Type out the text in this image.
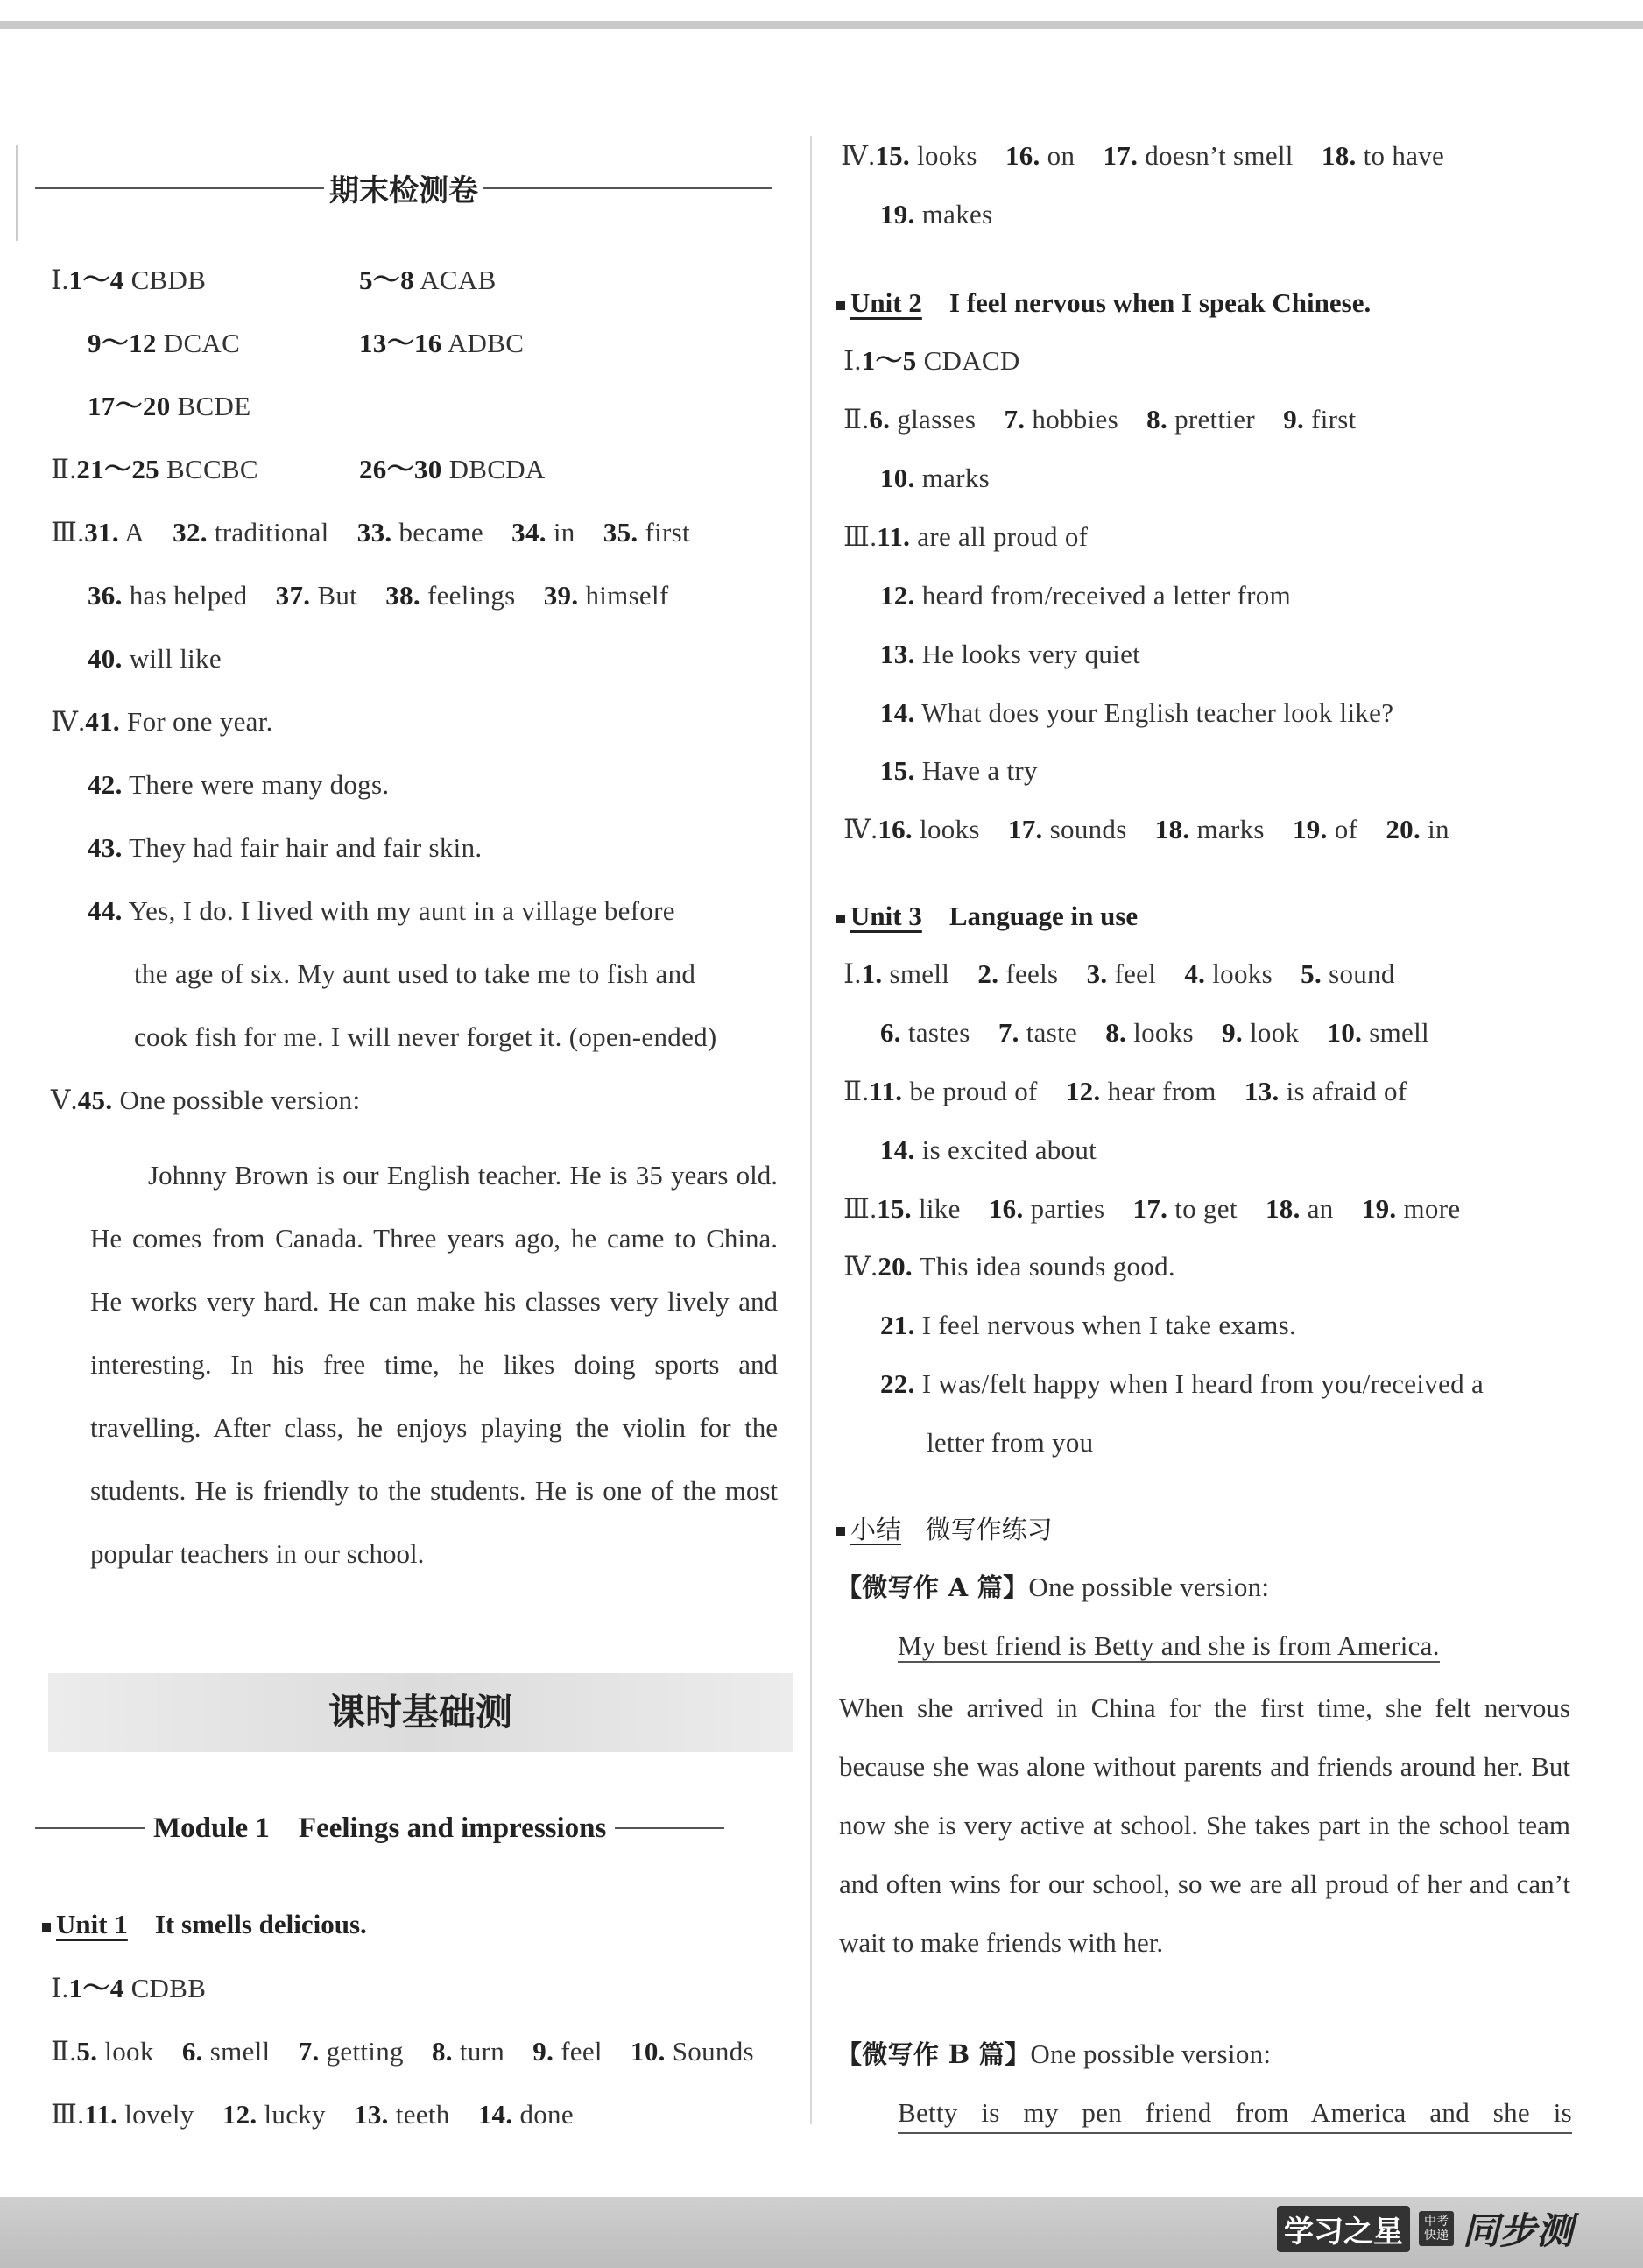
期末检测卷
Ⅰ.1～4 CBDB	5～8 ACAB
9～12 DCAC	13～16 ADBC
17～20 BCDE
Ⅱ.21～25 BCCBC	26～30 DBCDA
Ⅲ.31. A 32. traditional 33. became 34. in 35. first
36. has helped 37. But 38. feelings 39. himself
40. will like
Ⅳ.41. For one year.
42. There were many dogs.
43. They had fair hair and fair skin.
44. Yes, I do. I lived with my aunt in a village before
the age of six. My aunt used to take me to fish and
cook fish for me. I will never forget it. (open-ended)
Ⅴ.45. One possible version:
Johnny Brown is our English teacher. He is 35 years old. He comes from Canada. Three years ago, he came to China. He works very hard. He can make his classes very lively and interesting. In his free time, he likes doing sports and travelling. After class, he enjoys playing the violin for the students. He is friendly to the students. He is one of the most popular teachers in our school.
课时基础测
Module 1    Feelings and impressions
Unit 1 It smells delicious.
Ⅰ.1～4 CDBB
Ⅱ.5. look 6. smell 7. getting 8. turn 9. feel 10. Sounds
Ⅲ.11. lovely 12. lucky 13. teeth 14. done
Ⅳ.15. looks 16. on 17. doesn’t smell 18. to have
19. makes
Unit 2 I feel nervous when I speak Chinese.
Ⅰ.1～5 CDACD
Ⅱ.6. glasses 7. hobbies 8. prettier 9. first
10. marks
Ⅲ.11. are all proud of
12. heard from/received a letter from
13. He looks very quiet
14. What does your English teacher look like?
15. Have a try
Ⅳ.16. looks 17. sounds 18. marks 19. of 20. in
Unit 3 Language in use
Ⅰ.1. smell 2. feels 3. feel 4. looks 5. sound
6. tastes 7. taste 8. looks 9. look 10. smell
Ⅱ.11. be proud of 12. hear from 13. is afraid of
14. is excited about
Ⅲ.15. like 16. parties 17. to get 18. an 19. more
Ⅳ.20. This idea sounds good.
21. I feel nervous when I take exams.
22. I was/felt happy when I heard from you/received a
letter from you
小结 微写作练习
【微写作 A 篇】One possible version:
My best friend is Betty and she is from America.
When she arrived in China for the first time, she felt nervous because she was alone without parents and friends around her. But now she is very active at school. She takes part in the school team and often wins for our school, so we are all proud of her and can’t wait to make friends with her.
【微写作 B 篇】One possible version:
Betty is my pen friend from America and she is
学习之星	中考快递 同步测
